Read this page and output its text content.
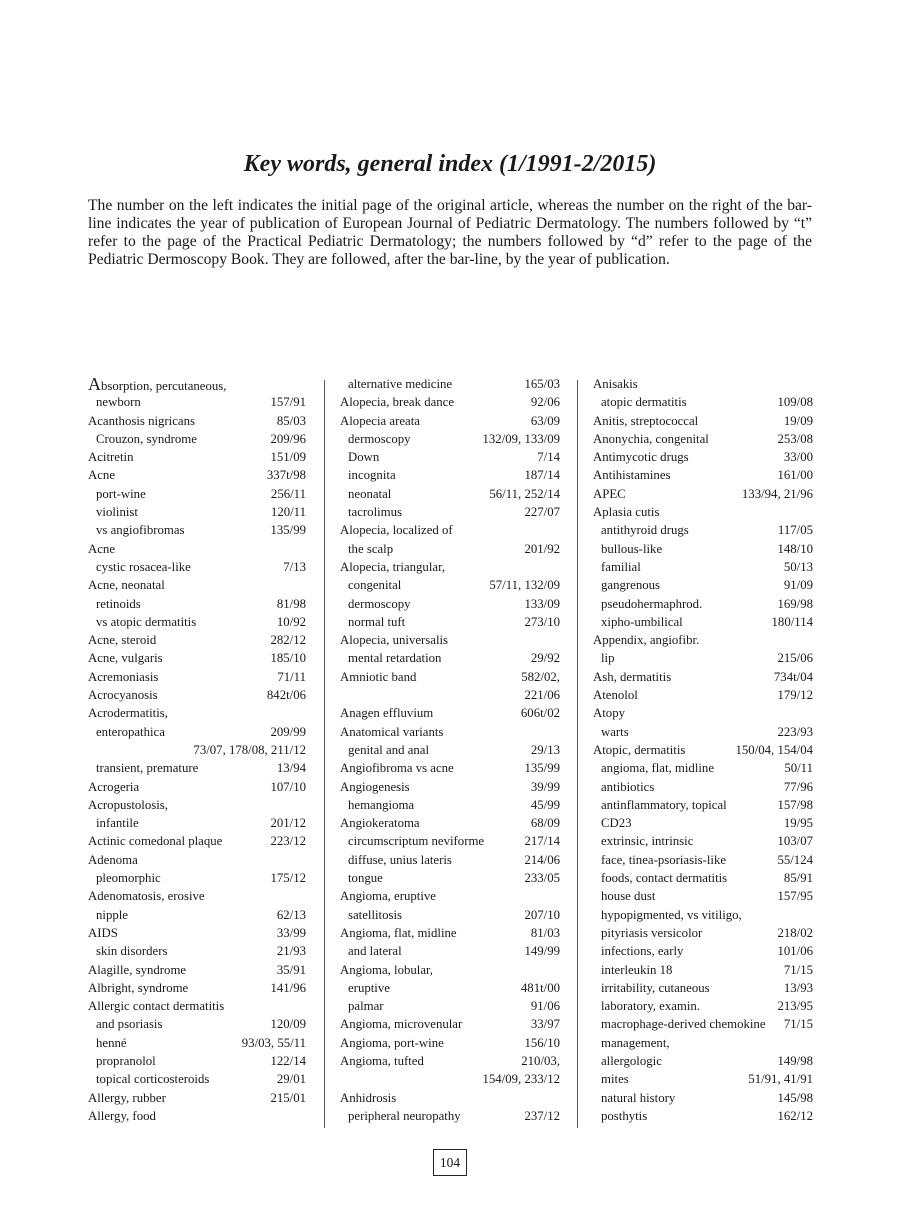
Key words, general index (1/1991-2/2015)
The number on the left indicates the initial page of the original article, whereas the number on the right of the bar-line indicates the year of publication of European Journal of Pediatric Dermatology. The numbers followed by “t” refer to the page of the Practical Pediatric Dermatology; the numbers followed by “d” refer to the page of the Pediatric Dermoscopy Book. They are followed, after the bar-line, by the year of publication.
Absorption, percutaneous,
newborn	157/91
Acanthosis nigricans	85/03
Crouzon, syndrome	209/96
Acitretin	151/09
Acne	337t/98
port-wine	256/11
violinist	120/11
vs angiofibromas	135/99
Acne
cystic rosacea-like	7/13
Acne, neonatal
retinoids	81/98
vs atopic dermatitis	10/92
Acne, steroid	282/12
Acne, vulgaris	185/10
Acremoniasis	71/11
Acrocyanosis	842t/06
Acrodermatitis,
enteropathica	209/99
73/07, 178/08, 211/12
transient, premature	13/94
Acrogeria	107/10
Acropustolosis,
infantile	201/12
Actinic comedonal plaque	223/12
Adenoma
pleomorphic	175/12
Adenomatosis, erosive
nipple	62/13
AIDS	33/99
skin disorders	21/93
Alagille, syndrome	35/91
Albright, syndrome	141/96
Allergic contact dermatitis
and psoriasis	120/09
henné	93/03, 55/11
propranolol	122/14
topical corticosteroids	29/01
Allergy, rubber	215/01
Allergy, food
alternative medicine	165/03
Alopecia, break dance	92/06
Alopecia areata	63/09
dermoscopy	132/09, 133/09
Down	7/14
incognita	187/14
neonatal	56/11, 252/14
tacrolimus	227/07
Alopecia, localized of
the scalp	201/92
Alopecia, triangular,
congenital	57/11, 132/09
dermoscopy	133/09
normal tuft	273/10
Alopecia, universalis
mental retardation	29/92
Amniotic band	582/02,
221/06
Anagen effluvium	606t/02
Anatomical variants
genital and anal	29/13
Angiofibroma vs acne	135/99
Angiogenesis	39/99
hemangioma	45/99
Angiokeratoma	68/09
circumscriptum neviforme	217/14
diffuse, unius lateris	214/06
tongue	233/05
Angioma, eruptive
satellitosis	207/10
Angioma, flat, midline	81/03
and lateral	149/99
Angioma, lobular,
eruptive	481t/00
palmar	91/06
Angioma, microvenular	33/97
Angioma, port-wine	156/10
Angioma, tufted	210/03,
154/09, 233/12
Anhidrosis
peripheral neuropathy	237/12
Anisakis
atopic dermatitis	109/08
Anitis, streptococcal	19/09
Anonychia, congenital	253/08
Antimycotic drugs	33/00
Antihistamines	161/00
APEC	133/94, 21/96
Aplasia cutis
antithyroid drugs	117/05
bullous-like	148/10
familial	50/13
gangrenous	91/09
pseudohermaphrod.	169/98
xipho-umbilical	180/114
Appendix, angiofibr.
lip	215/06
Ash, dermatitis	734t/04
Atenolol	179/12
Atopy
warts	223/93
Atopic, dermatitis	150/04, 154/04
angioma, flat, midline	50/11
antibiotics	77/96
antinflammatory, topical	157/98
CD23	19/95
extrinsic, intrinsic	103/07
face, tinea-psoriasis-like	55/124
foods, contact dermatitis	85/91
house dust	157/95
hypopigmented, vs vitiligo,
pityriasis versicolor	218/02
infections, early	101/06
interleukin 18	71/15
irritability, cutaneous	13/93
laboratory, examin.	213/95
macrophage-derived chemokine 71/15
management,
allergologic	149/98
mites	51/91, 41/91
natural history	145/98
posthytis	162/12
104
